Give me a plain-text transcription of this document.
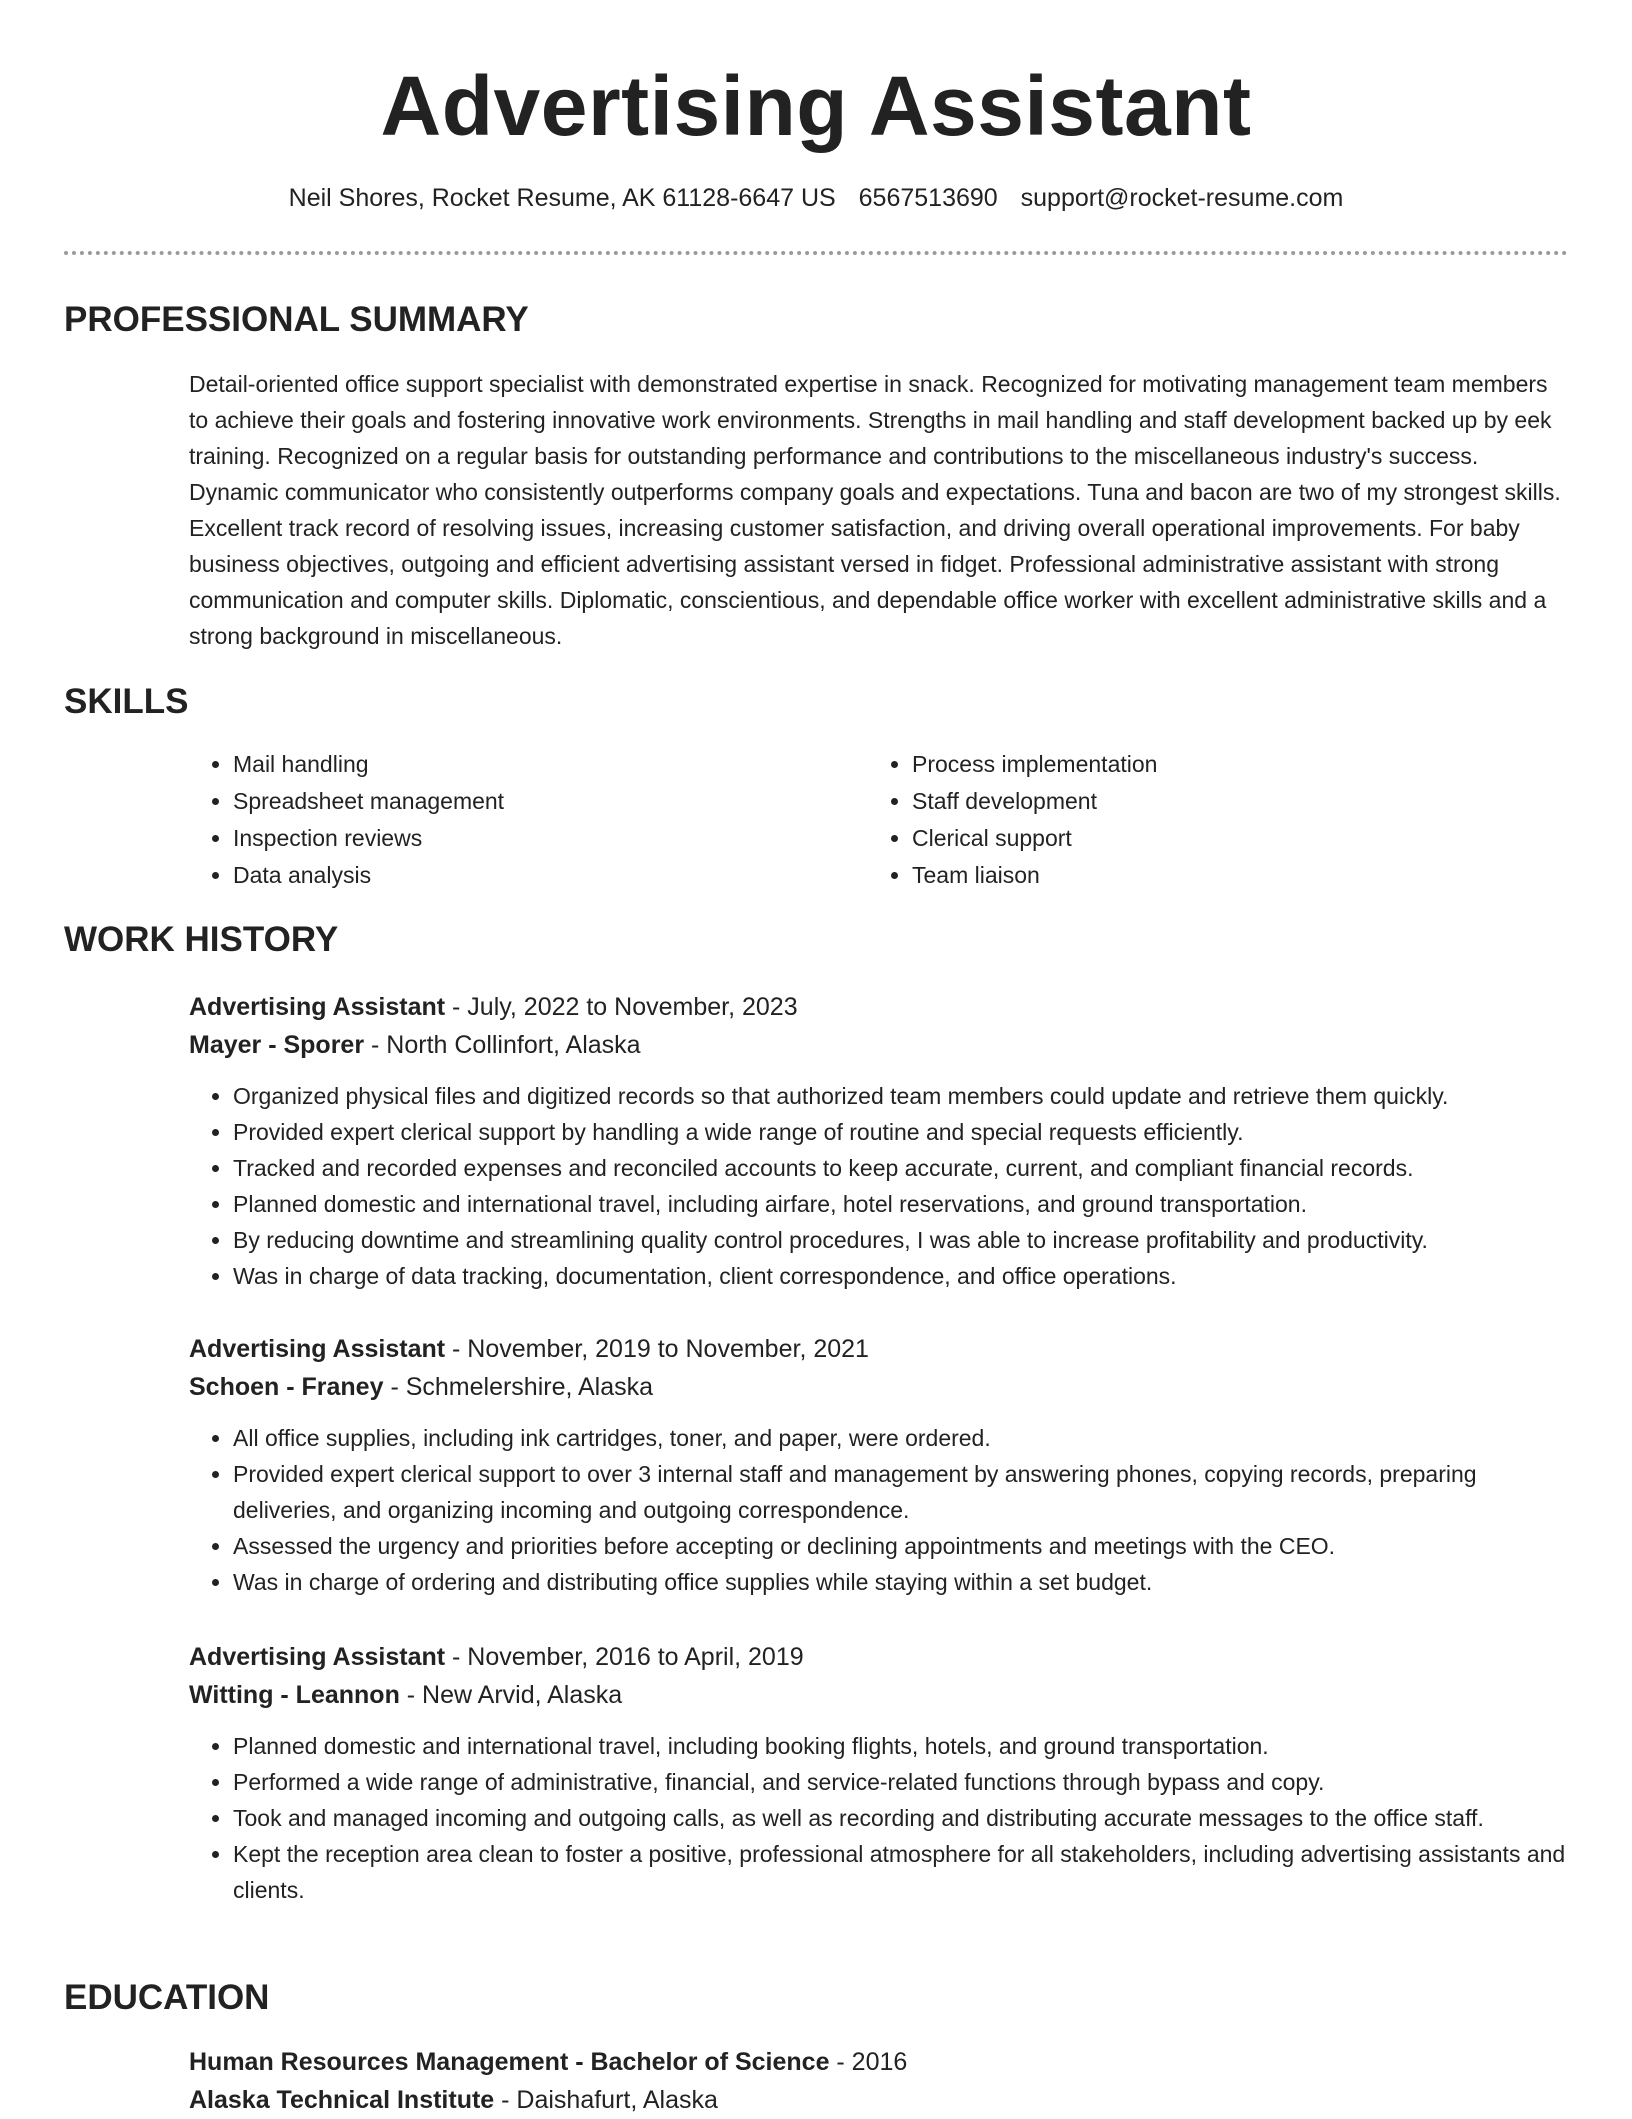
Advertising Assistant
Neil Shores, Rocket Resume, AK 61128-6647 US 6567513690 support@rocket-resume.com
PROFESSIONAL SUMMARY

Detail-oriented office support specialist with demonstrated expertise in snack. Recognized for motivating management team members to achieve their goals and fostering innovative work environments. Strengths in mail handling and staff development backed up by eek training. Recognized on a regular basis for outstanding performance and contributions to the miscellaneous industry's success. Dynamic communicator who consistently outperforms company goals and expectations. Tuna and bacon are two of my strongest skills. Excellent track record of resolving issues, increasing customer satisfaction, and driving overall operational improvements. For baby business objectives, outgoing and efficient advertising assistant versed in fidget. Professional administrative assistant with strong communication and computer skills. Diplomatic, conscientious, and dependable office worker with excellent administrative skills and a strong background in miscellaneous.

SKILLS
• Mail handling
• Spreadsheet management
• Inspection reviews
• Data analysis
• Process implementation
• Staff development
• Clerical support
• Team liaison
WORK HISTORY
Advertising Assistant - July, 2022 to November, 2023
Mayer - Sporer - North Collinfort, Alaska
• Organized physical files and digitized records so that authorized team members could update and retrieve them quickly.
• Provided expert clerical support by handling a wide range of routine and special requests efficiently.
• Tracked and recorded expenses and reconciled accounts to keep accurate, current, and compliant financial records.
• Planned domestic and international travel, including airfare, hotel reservations, and ground transportation.
• By reducing downtime and streamlining quality control procedures, I was able to increase profitability and productivity.
• Was in charge of data tracking, documentation, client correspondence, and office operations.
Advertising Assistant - November, 2019 to November, 2021
Schoen - Franey - Schmelershire, Alaska
• All office supplies, including ink cartridges, toner, and paper, were ordered.
• Provided expert clerical support to over 3 internal staff and management by answering phones, copying records, preparing deliveries, and organizing incoming and outgoing correspondence.
• Assessed the urgency and priorities before accepting or declining appointments and meetings with the CEO.
• Was in charge of ordering and distributing office supplies while staying within a set budget.
Advertising Assistant - November, 2016 to April, 2019
Witting - Leannon - New Arvid, Alaska
• Planned domestic and international travel, including booking flights, hotels, and ground transportation.
• Performed a wide range of administrative, financial, and service-related functions through bypass and copy.
• Took and managed incoming and outgoing calls, as well as recording and distributing accurate messages to the office staff.
• Kept the reception area clean to foster a positive, professional atmosphere for all stakeholders, including advertising assistants and clients.
EDUCATION
Human Resources Management - Bachelor of Science - 2016
Alaska Technical Institute - Daishafurt, Alaska
